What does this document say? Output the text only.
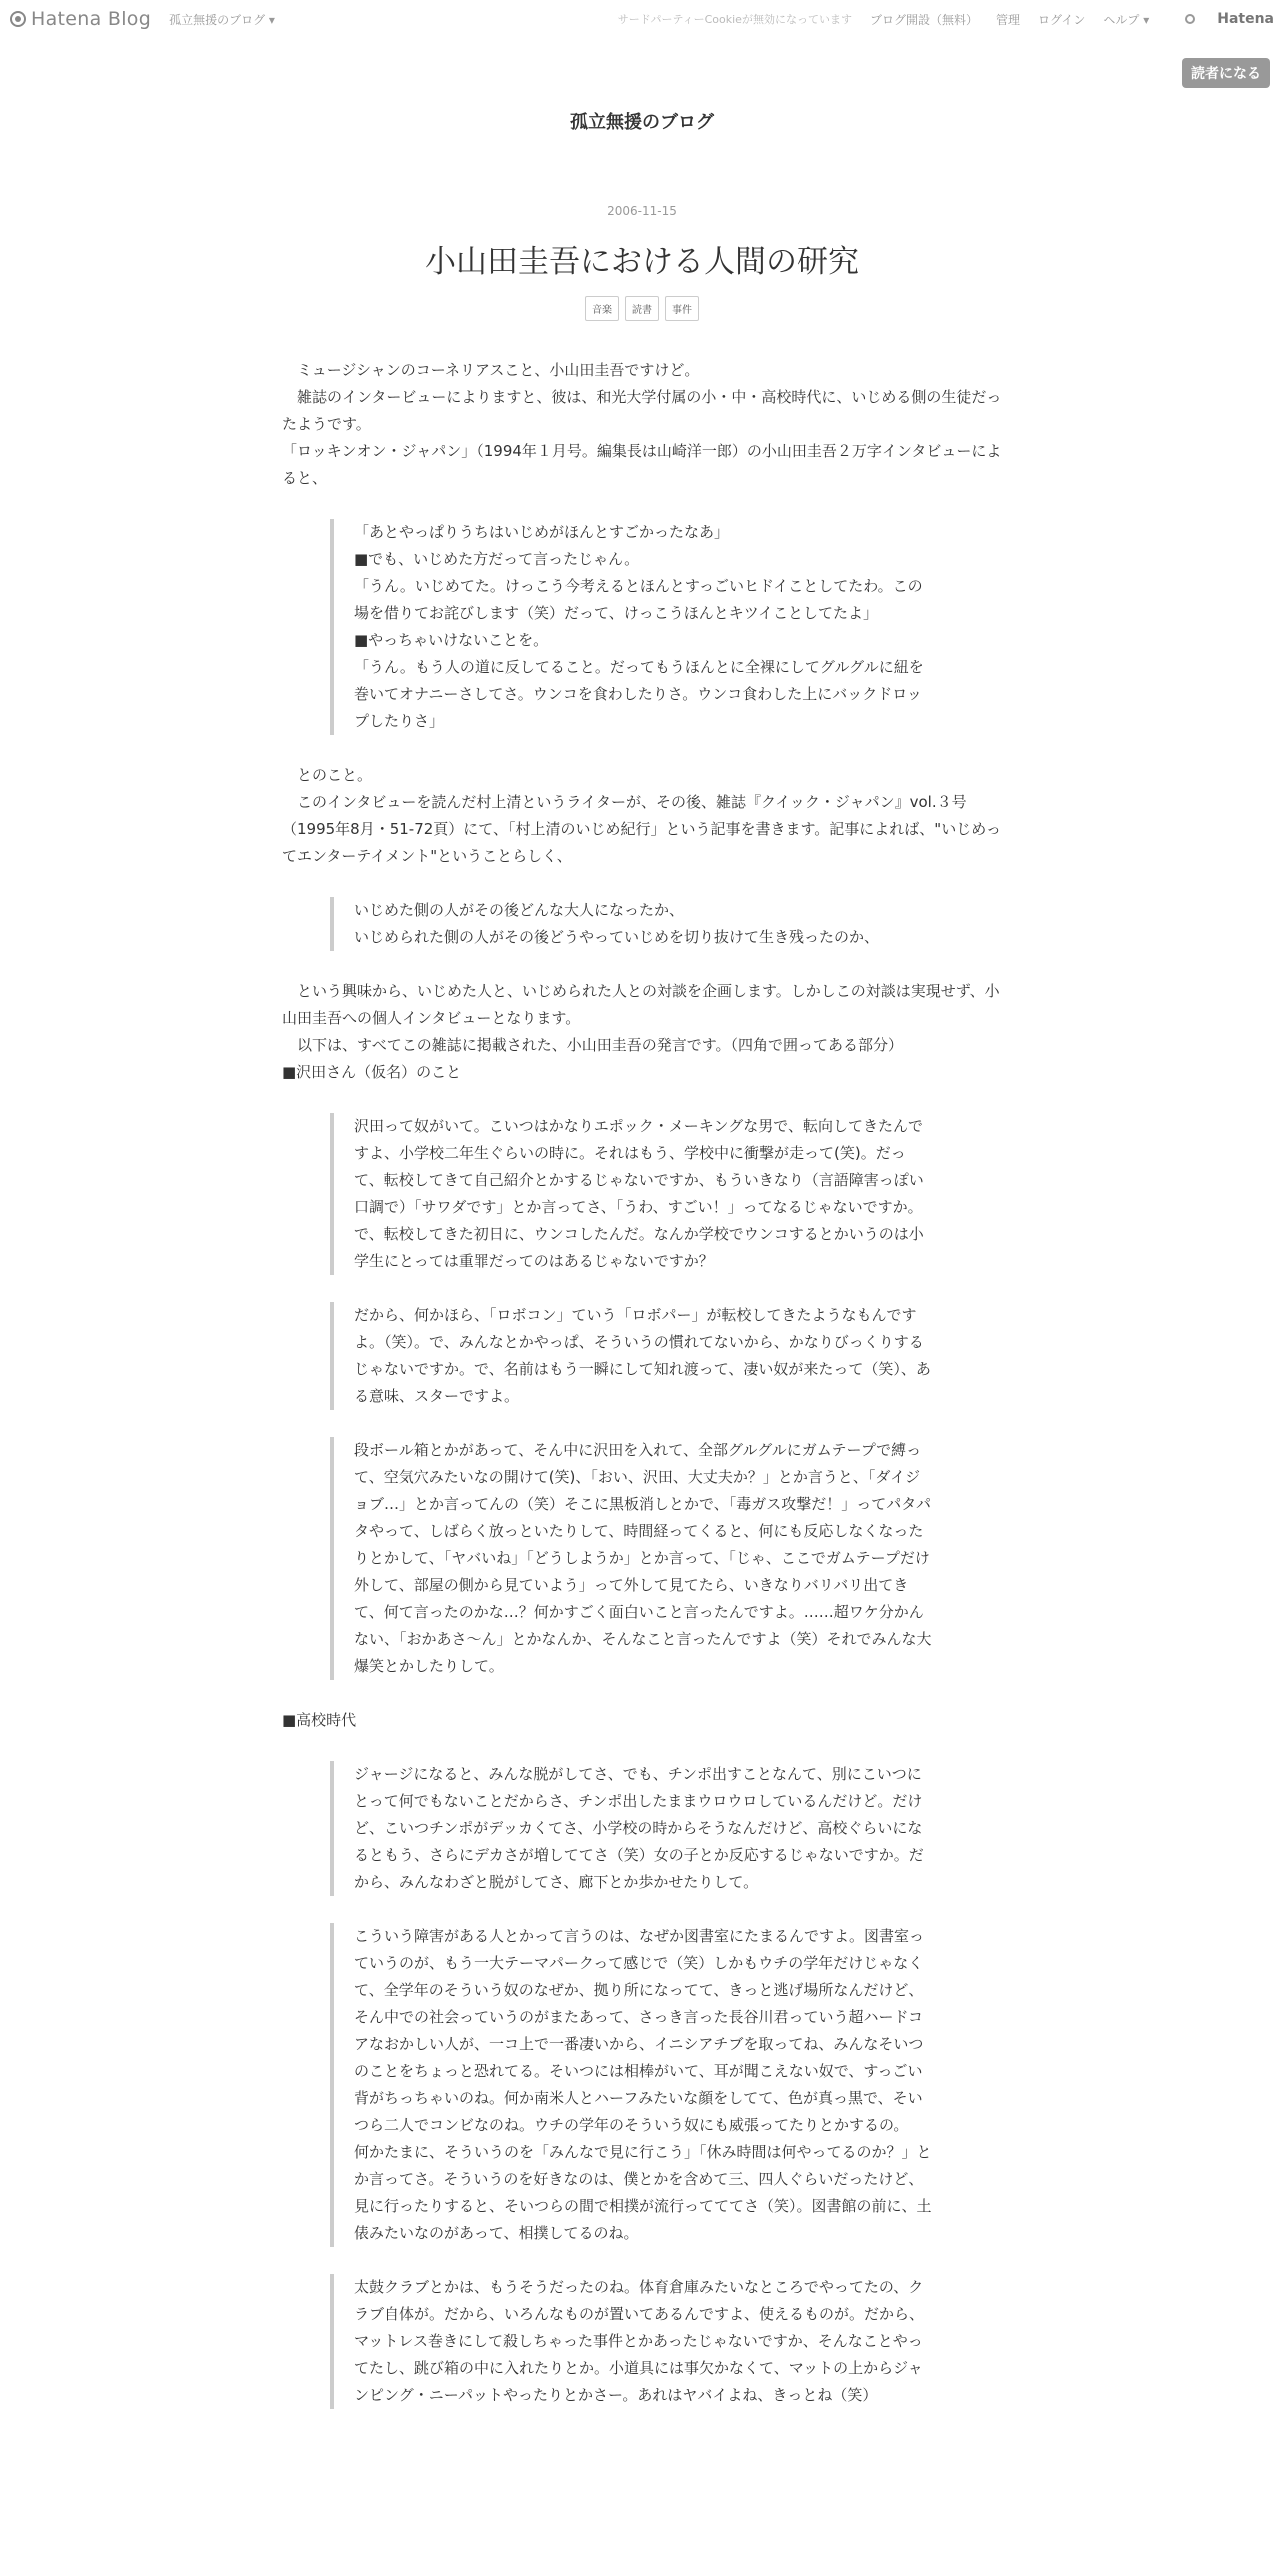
Hatena Blog 孤立無援のブログ ▾	サードパーティーCookieが無効になっています ブログ開設（無料） 管理 ログイン ヘルプ ▾	Hatena
読者になる
孤立無援のブログ
2006-11-15
小山田圭吾における人間の研究
音楽	読書	事件

　ミュージシャンのコーネリアスこと、小山田圭吾ですけど。

　雑誌のインタービューによりますと、彼は、和光大学付属の小・中・高校時代に、いじめる側の生徒だったようです。

「ロッキンオン・ジャパン」（1994年１月号。編集長は山崎洋一郎）の小山田圭吾２万字インタビューによると、

「あとやっぱりうちはいじめがほんとすごかったなあ」

■でも、いじめた方だって言ったじゃん。

「うん。いじめてた。けっこう今考えるとほんとすっごいヒドイことしてたわ。この場を借りてお詫びします（笑）だって、けっこうほんとキツイことしてたよ」

■やっちゃいけないことを。

「うん。もう人の道に反してること。だってもうほんとに全裸にしてグルグルに紐を巻いてオナニーさしてさ。ウンコを食わしたりさ。ウンコ食わした上にバックドロップしたりさ」

　とのこと。

　このインタビューを読んだ村上清というライターが、その後、雑誌『クイック・ジャパン』vol.３号（1995年8月・51-72頁）にて、「村上清のいじめ紀行」という記事を書きます。記事によれば、"いじめってエンターテイメント"ということらしく、

いじめた側の人がその後どんな大人になったか、

いじめられた側の人がその後どうやっていじめを切り抜けて生き残ったのか、

　という興味から、いじめた人と、いじめられた人との対談を企画します。しかしこの対談は実現せず、小山田圭吾への個人インタビューとなります。

　以下は、すべてこの雑誌に掲載された、小山田圭吾の発言です。（四角で囲ってある部分）

■沢田さん（仮名）のこと

沢田って奴がいて。こいつはかなりエポック・メーキングな男で、転向してきたんですよ、小学校二年生ぐらいの時に。それはもう、学校中に衝撃が走って(笑)。だって、転校してきて自己紹介とかするじゃないですか、もういきなり（言語障害っぽい口調で）「サワダです」とか言ってさ、「うわ、すごい！」ってなるじゃないですか。で、転校してきた初日に、ウンコしたんだ。なんか学校でウンコするとかいうのは小学生にとっては重罪だってのはあるじゃないですか？

だから、何かほら、「ロボコン」ていう「ロボパー」が転校してきたようなもんですよ。（笑）。で、みんなとかやっぱ、そういうの慣れてないから、かなりびっくりするじゃないですか。で、名前はもう一瞬にして知れ渡って、凄い奴が来たって（笑）、ある意味、スターですよ。

段ボール箱とかがあって、そん中に沢田を入れて、全部グルグルにガムテープで縛って、空気穴みたいなの開けて(笑)、「おい、沢田、大丈夫か？」とか言うと、「ダイジョブ…」とか言ってんの（笑）そこに黒板消しとかで、「毒ガス攻撃だ！」ってパタパタやって、しばらく放っといたりして、時間経ってくると、何にも反応しなくなったりとかして、「ヤバいね」「どうしようか」とか言って、「じゃ、ここでガムテープだけ外して、部屋の側から見ていよう」って外して見てたら、いきなりバリバリ出てきて、何て言ったのかな…？何かすごく面白いこと言ったんですよ。……超ワケ分かんない、「おかあさ〜ん」とかなんか、そんなこと言ったんですよ（笑）それでみんな大爆笑とかしたりして。

■高校時代

ジャージになると、みんな脱がしてさ、でも、チンポ出すことなんて、別にこいつにとって何でもないことだからさ、チンポ出したままウロウロしているんだけど。だけど、こいつチンポがデッカくてさ、小学校の時からそうなんだけど、高校ぐらいになるともう、さらにデカさが増しててさ（笑）女の子とか反応するじゃないですか。だから、みんなわざと脱がしてさ、廊下とか歩かせたりして。

こういう障害がある人とかって言うのは、なぜか図書室にたまるんですよ。図書室っていうのが、もう一大テーマパークって感じで（笑）しかもウチの学年だけじゃなくて、全学年のそういう奴のなぜか、拠り所になってて、きっと逃げ場所なんだけど、そん中での社会っていうのがまたあって、さっき言った長谷川君っていう超ハードコアなおかしい人が、一コ上で一番凄いから、イニシアチブを取ってね、みんなそいつのことをちょっと恐れてる。そいつには相棒がいて、耳が聞こえない奴で、すっごい背がちっちゃいのね。何か南米人とハーフみたいな顔をしてて、色が真っ黒で、そいつら二人でコンビなのね。ウチの学年のそういう奴にも威張ってたりとかするの。

何かたまに、そういうのを「みんなで見に行こう」「休み時間は何やってるのか？」とか言ってさ。そういうのを好きなのは、僕とかを含めて三、四人ぐらいだったけど、見に行ったりすると、そいつらの間で相撲が流行ってててさ（笑）。図書館の前に、土俵みたいなのがあって、相撲してるのね。

太鼓クラブとかは、もうそうだったのね。体育倉庫みたいなところでやってたの、クラブ自体が。だから、いろんなものが置いてあるんですよ、使えるものが。だから、マットレス巻きにして殺しちゃった事件とかあったじゃないですか、そんなことやってたし、跳び箱の中に入れたりとか。小道具には事欠かなくて、マットの上からジャンピング・ニーパットやったりとかさー。あれはヤバイよね、きっとね（笑）
